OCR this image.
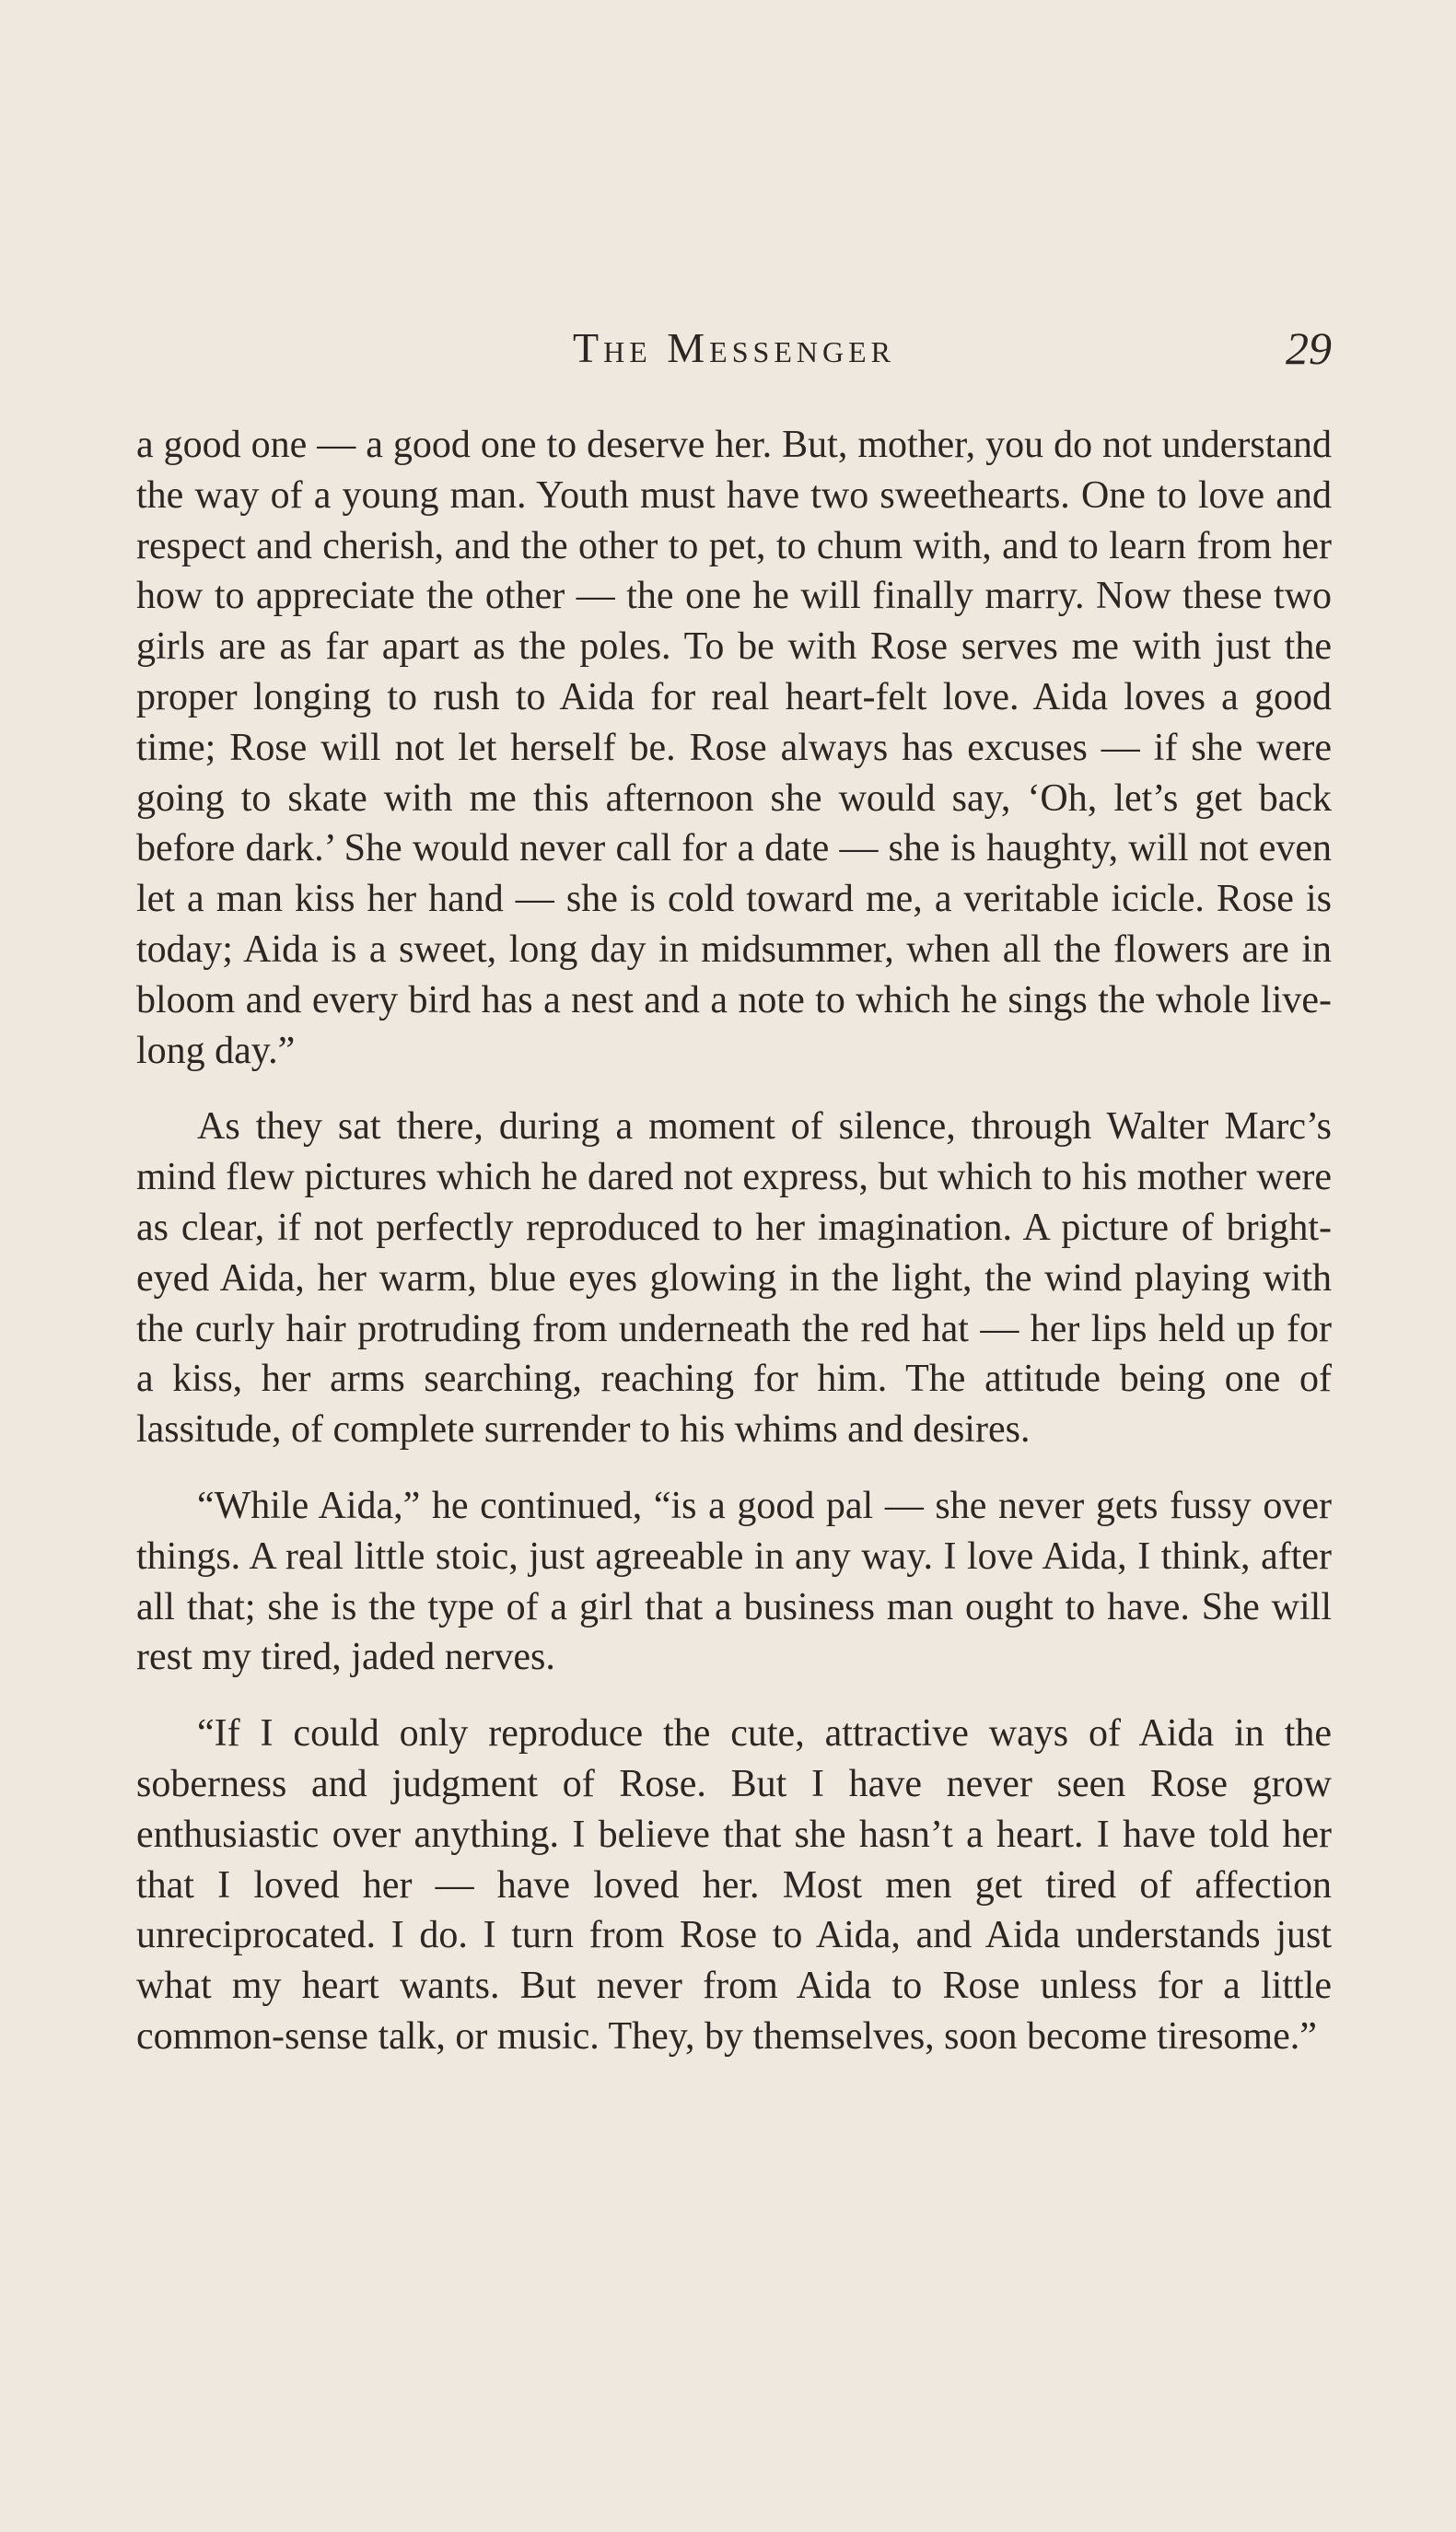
The Messenger	29

a good one — a good one to deserve her. But, mother, you do not understand the way of a young man. Youth must have two sweethearts. One to love and respect and cherish, and the other to pet, to chum with, and to learn from her how to appreciate the other — the one he will finally marry. Now these two girls are as far apart as the poles. To be with Rose serves me with just the proper longing to rush to Aida for real heart-felt love. Aida loves a good time; Rose will not let herself be. Rose always has excuses — if she were going to skate with me this afternoon she would say, ‘Oh, let’s get back before dark.’ She would never call for a date — she is haughty, will not even let a man kiss her hand — she is cold toward me, a veritable icicle. Rose is today; Aida is a sweet, long day in midsummer, when all the flowers are in bloom and every bird has a nest and a note to which he sings the whole live-long day.”

As they sat there, during a moment of silence, through Walter Marc’s mind flew pictures which he dared not express, but which to his mother were as clear, if not perfectly reproduced to her imagination. A picture of bright-eyed Aida, her warm, blue eyes glowing in the light, the wind playing with the curly hair protruding from underneath the red hat — her lips held up for a kiss, her arms searching, reaching for him. The attitude being one of lassitude, of complete surrender to his whims and desires.

“While Aida,” he continued, “is a good pal — she never gets fussy over things. A real little stoic, just agreeable in any way. I love Aida, I think, after all that; she is the type of a girl that a business man ought to have. She will rest my tired, jaded nerves.

“If I could only reproduce the cute, attractive ways of Aida in the soberness and judgment of Rose. But I have never seen Rose grow enthusiastic over anything. I believe that she hasn’t a heart. I have told her that I loved her — have loved her. Most men get tired of affection unreciprocated. I do. I turn from Rose to Aida, and Aida understands just what my heart wants. But never from Aida to Rose unless for a little common-sense talk, or music. They, by themselves, soon become tiresome.”
